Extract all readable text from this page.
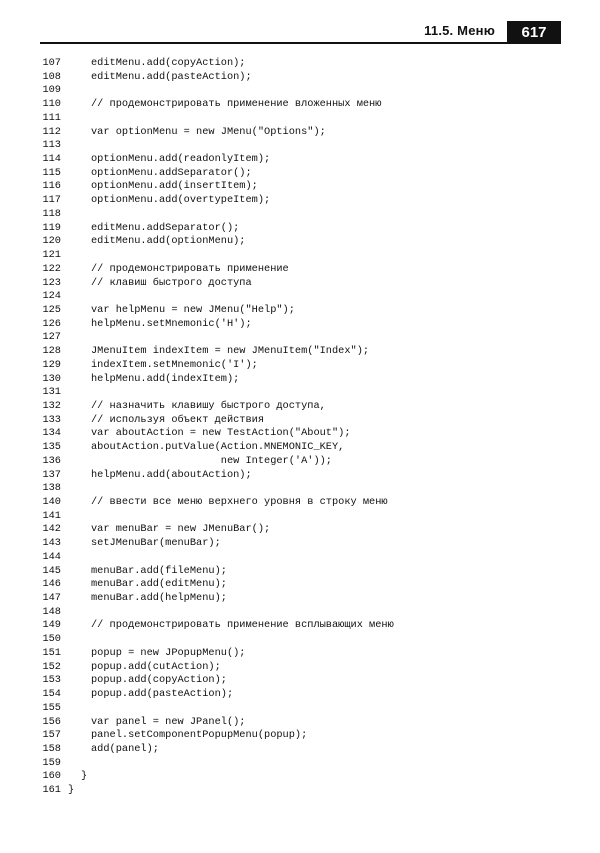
11.5. Меню	617
107	editMenu.add(copyAction);
108	editMenu.add(pasteAction);
109
110	// продемонстрировать применение вложенных меню
111
112	var optionMenu = new JMenu("Options");
113
114	optionMenu.add(readonlyItem);
115	optionMenu.addSeparator();
116	optionMenu.add(insertItem);
117	optionMenu.add(overtypeItem);
118
119	editMenu.addSeparator();
120	editMenu.add(optionMenu);
121
122	// продемонстрировать применение
123	// клавиш быстрого доступа
124
125	var helpMenu = new JMenu("Help");
126	helpMenu.setMnemonic('H');
127
128	JMenuItem indexItem = new JMenuItem("Index");
129	indexItem.setMnemonic('I');
130	helpMenu.add(indexItem);
131
132	// назначить клавишу быстрого доступа,
133	// используя объект действия
134	var aboutAction = new TestAction("About");
135	aboutAction.putValue(Action.MNEMONIC_KEY,
136	new Integer('A'));
137	helpMenu.add(aboutAction);
138
140	// ввести все меню верхнего уровня в строку меню
141
142	var menuBar = new JMenuBar();
143	setJMenuBar(menuBar);
144
145	menuBar.add(fileMenu);
146	menuBar.add(editMenu);
147	menuBar.add(helpMenu);
148
149	// продемонстрировать применение всплывающих меню
150
151	popup = new JPopupMenu();
152	popup.add(cutAction);
153	popup.add(copyAction);
154	popup.add(pasteAction);
155
156	var panel = new JPanel();
157	panel.setComponentPopupMenu(popup);
158	add(panel);
159
160 }
161 }
